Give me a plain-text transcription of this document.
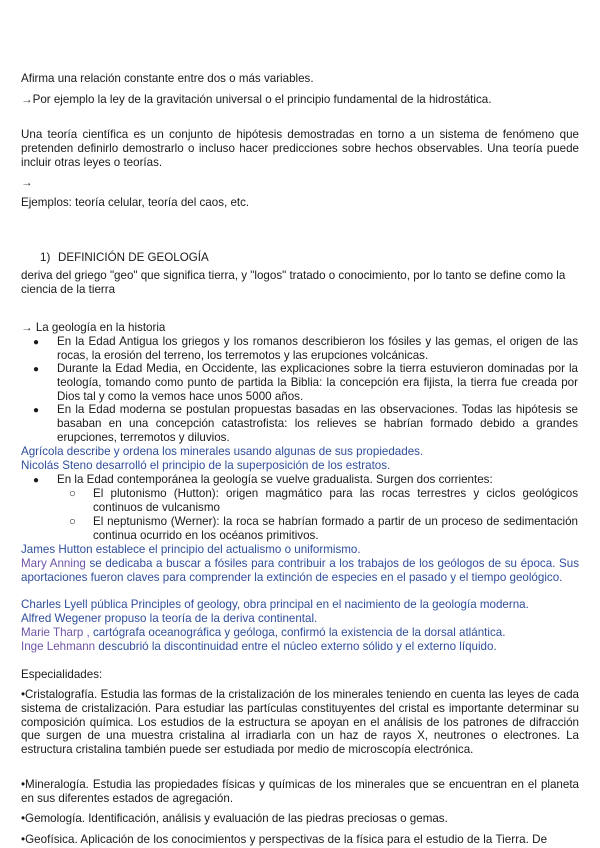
Afirma una relación constante entre dos o más variables.
→Por ejemplo la ley de la gravitación universal o el principio fundamental de la hidrostática.
Una teoría científica es un conjunto de hipótesis demostradas en torno a un sistema de fenómeno que pretenden definirlo demostrarlo o incluso hacer predicciones sobre hechos observables. Una teoría puede incluir otras leyes o teorías.
→
Ejemplos: teoría celular, teoría del caos, etc.
1) DEFINICIÓN DE GEOLOGÍA
deriva del griego "geo" que significa tierra, y "logos" tratado o conocimiento, por lo tanto se define como la ciencia de la tierra
→ La geología en la historia
●	En la Edad Antigua los griegos y los romanos describieron los fósiles y las gemas, el origen de las rocas, la erosión del terreno, los terremotos y las erupciones volcánicas.
●	Durante la Edad Media, en Occidente, las explicaciones sobre la tierra estuvieron dominadas por la teología, tomando como punto de partida la Biblia: la concepción era fijista, la tierra fue creada por Dios tal y como la vemos hace unos 5000 años.
●	En la Edad moderna se postulan propuestas basadas en las observaciones. Todas las hipótesis se basaban en una concepción catastrofista: los relieves se habrían formado debido a grandes erupciones, terremotos y diluvios.
Agrícola describe y ordena los minerales usando algunas de sus propiedades.
Nicolás Steno desarrolló el principio de la superposición de los estratos.
●	En la Edad contemporánea la geología se vuelve gradualista. Surgen dos corrientes:
○ El plutonismo (Hutton): origen magmático para las rocas terrestres y ciclos geológicos continuos de vulcanismo
○ El neptunismo (Werner): la roca se habrían formado a partir de un proceso de sedimentación continua ocurrido en los océanos primitivos.
James Hutton establece el principio del actualismo o uniformismo.
Mary Anning se dedicaba a buscar a fósiles para contribuir a los trabajos de los geólogos de su época. Sus aportaciones fueron claves para comprender la extinción de especies en el pasado y el tiempo geológico.
Charles Lyell pública Principles of geology, obra principal en el nacimiento de la geología moderna.
Alfred Wegener propuso la teoría de la deriva continental.
Marie Tharp , cartógrafa oceanográfica y geóloga, confirmó la existencia de la dorsal atlántica.
Inge Lehmann descubrió la discontinuidad entre el núcleo externo sólido y el externo líquido.
Especialidades:
•Cristalografía. Estudia las formas de la cristalización de los minerales teniendo en cuenta las leyes de cada sistema de cristalización. Para estudiar las partículas constituyentes del cristal es importante determinar su composición química. Los estudios de la estructura se apoyan en el análisis de los patrones de difracción que surgen de una muestra cristalina al irradiarla con un haz de rayos X, neutrones o electrones. La estructura cristalina también puede ser estudiada por medio de microscopía electrónica.
•Mineralogía. Estudia las propiedades físicas y químicas de los minerales que se encuentran en el planeta en sus diferentes estados de agregación.
•Gemología. Identificación, análisis y evaluación de las piedras preciosas o gemas.
•Geofísica. Aplicación de los conocimientos y perspectivas de la física para el estudio de la Tierra. De
